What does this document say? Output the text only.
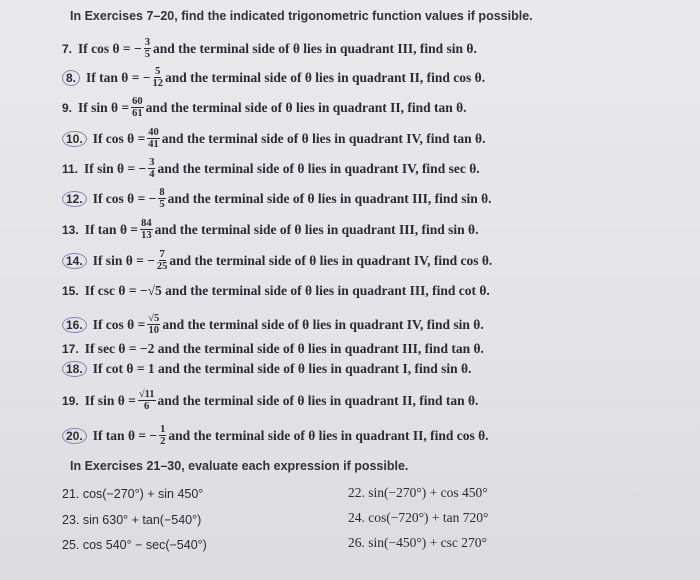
In Exercises 7–20, find the indicated trigonometric function values if possible.
7. If cos θ = − $\frac{3}{5}$ and the terminal side of θ lies in quadrant III, find sin θ.
8. If tan θ = − $\frac{5}{12}$ and the terminal side of θ lies in quadrant II, find cos θ.
9. If $\sin \theta = \frac{60}{61}$ and the terminal side of θ lies in quadrant II, find tan θ.
10. If $\cos \theta = \frac{40}{41}$ and the terminal side of θ lies in quadrant IV, find tan θ.
11. If sin θ = − $\frac{3}{4}$ and the terminal side of θ lies in quadrant IV, find sec θ.
12. If cos θ = − $\frac{8}{5}$ and the terminal side of θ lies in quadrant III, find sin θ.
13. If $\tan \theta = \frac{84}{13}$ and the terminal side of θ lies in quadrant III, find sin θ.
14. If sin θ = − $\frac{7}{25}$ and the terminal side of θ lies in quadrant IV, find cos θ.
15. If csc θ = −√5 and the terminal side of θ lies in quadrant III, find cot θ.
16. If $\cos \theta = \frac{√5}{10}$ and the terminal side of θ lies in quadrant IV, find sin θ.
17. If sec θ = −2 and the terminal side of θ lies in quadrant III, find tan θ.
18. If cot θ = 1 and the terminal side of θ lies in quadrant I, find sin θ.
19. If $\sin \theta = \frac{√11}{6}$ and the terminal side of θ lies in quadrant II, find tan θ.
20. If tan θ = − $\frac{1}{2}$ and the terminal side of θ lies in quadrant II, find cos θ.
In Exercises 21–30, evaluate each expression if possible.
21. cos(−270°) + sin 450°
23. sin 630° + tan(−540°)
25. cos 540° − sec(−540°)
22. sin(−270°) + cos 450°
24. cos(−720°) + tan 720°
26. sin(−450°) + csc 270°
